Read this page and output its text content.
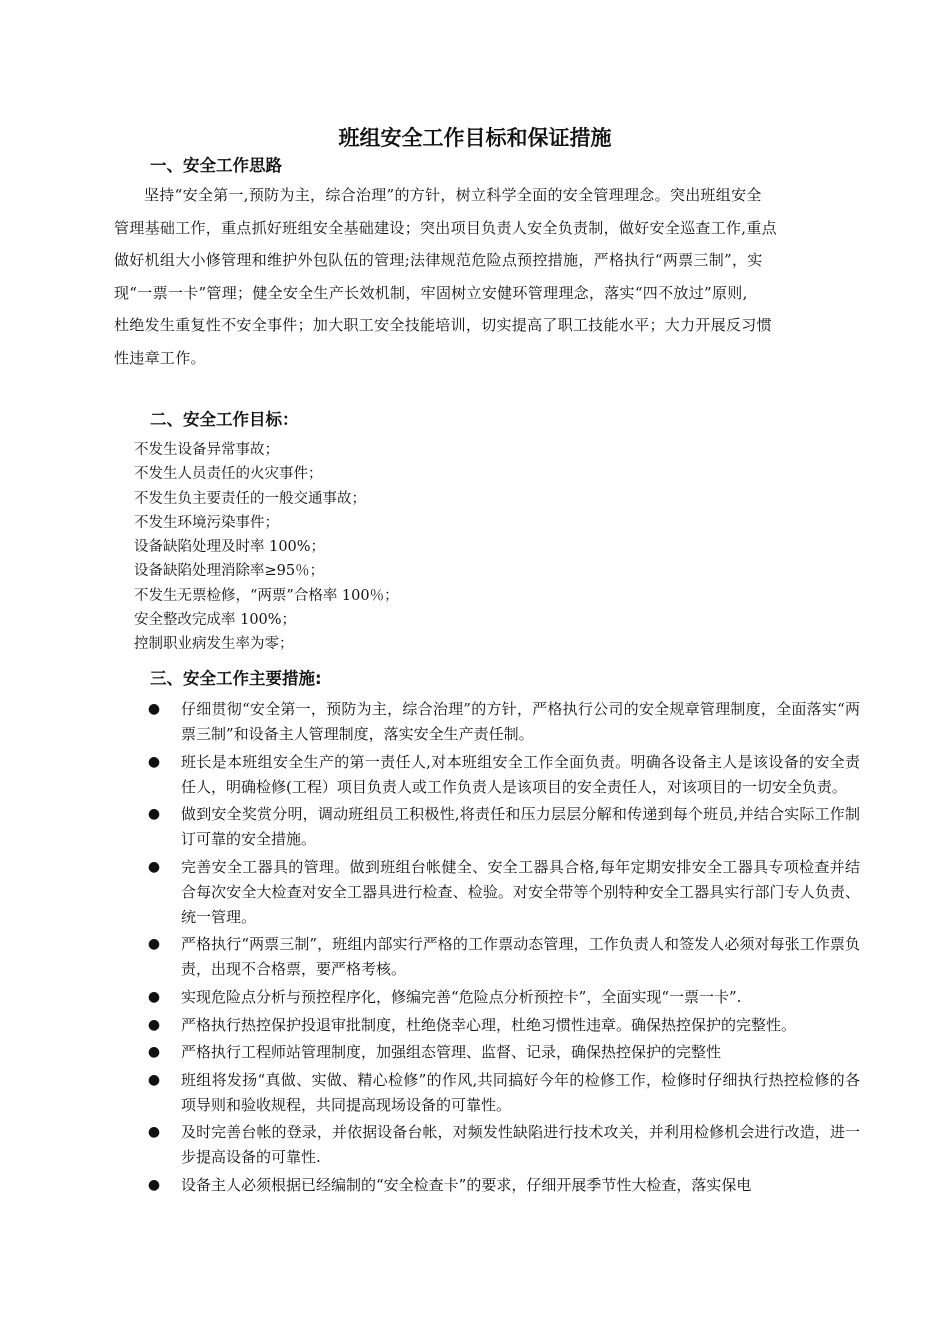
班组安全工作目标和保证措施
一、安全工作思路
坚持“安全第一,预防为主，综合治理”的方针，树立科学全面的安全管理理念。突出班组安全
管理基础工作，重点抓好班组安全基础建设；突出项目负责人安全负责制，做好安全巡查工作,重点
做好机组大小修管理和维护外包队伍的管理;法律规范危险点预控措施，严格执行“两票三制”，实
现“一票一卡”管理；健全安全生产长效机制，牢固树立安健环管理理念，落实“四不放过”原则,
杜绝发生重复性不安全事件；加大职工安全技能培训，切实提高了职工技能水平；大力开展反习惯
性违章工作。
二、安全工作目标：
不发生设备异常事故；
不发生人员责任的火灾事件；
不发生负主要责任的一般交通事故；
不发生环境污染事件；
设备缺陷处理及时率 100%；
设备缺陷处理消除率≥95％；
不发生无票检修，“两票”合格率 100％；
安全整改完成率 100%；
控制职业病发生率为零；
三、安全工作主要措施:
● 仔细贯彻“安全第一，预防为主，综合治理”的方针，严格执行公司的安全规章管理制度，全面落实“两票三制”和设备主人管理制度，落实安全生产责任制。
● 班长是本班组安全生产的第一责任人,对本班组安全工作全面负责。明确各设备主人是该设备的安全责任人，明确检修(工程）项目负责人或工作负责人是该项目的安全责任人，对该项目的一切安全负责。
● 做到安全奖赏分明，调动班组员工积极性,将责任和压力层层分解和传递到每个班员,并结合实际工作制订可靠的安全措施。
● 完善安全工器具的管理。做到班组台帐健全、安全工器具合格,每年定期安排安全工器具专项检查并结合每次安全大检查对安全工器具进行检查、检验。对安全带等个别特种安全工器具实行部门专人负责、统一管理。
● 严格执行“两票三制”，班组内部实行严格的工作票动态管理，工作负责人和签发人必须对每张工作票负责，出现不合格票，要严格考核。
● 实现危险点分析与预控程序化，修编完善“危险点分析预控卡”，全面实现“一票一卡”.
● 严格执行热控保护投退审批制度，杜绝侥幸心理，杜绝习惯性违章。确保热控保护的完整性。
● 严格执行工程师站管理制度，加强组态管理、监督、记录，确保热控保护的完整性
● 班组将发扬“真做、实做、精心检修”的作风,共同搞好今年的检修工作，检修时仔细执行热控检修的各项导则和验收规程，共同提高现场设备的可靠性。
● 及时完善台帐的登录，并依据设备台帐，对频发性缺陷进行技术攻关，并利用检修机会进行改造，进一步提高设备的可靠性.
● 设备主人必须根据已经编制的“安全检查卡”的要求，仔细开展季节性大检查，落实保电
